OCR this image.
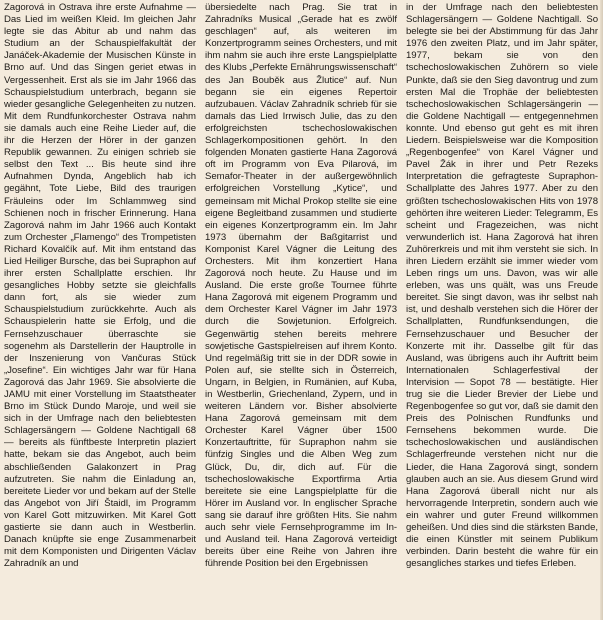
Zagorová in Ostrava ihre erste Aufnahme — Das Lied im weißen Kleid. Im gleichen Jahr legte sie das Abitur ab und nahm das Studium an der Schauspielfakultät der Janáček-Akademie der Musischen Künste in Brno auf. Und das Singen geriet etwas in Vergessenheit. Erst als sie im Jahr 1966 das Schauspielstudium unterbrach, begann sie wieder gesangliche Gelegenheiten zu nutzen. Mit dem Rundfunkorchester Ostrava nahm sie damals auch eine Reihe Lieder auf, die ihr die Herzen der Hörer in der ganzen Republik gewannen. Zu einigen schrieb sie selbst den Text ... Bis heute sind ihre Aufnahmen Dynda, Angeblich hab ich gegähnt, Tote Liebe, Bild des traurigen Fräuleins oder Im Schlammweg sind Schienen noch in frischer Erinnerung. Hana Zagorová nahm im Jahr 1966 auch Kontakt zum Orchester „Flamengo“ des Trompetisten Richard Kovalčík auf. Mit ihm entstand das Lied Heiliger Bursche, das bei Supraphon auf ihrer ersten Schallplatte erschien. Ihr gesangliches Hobby setzte sie gleichfalls dann fort, als sie wieder zum Schauspielstudium zurückkehrte. Auch als Schauspielerin hatte sie Erfolg, und die Fernsehzuschauer überraschte sie sogenehm als Darstellerin der Hauptrolle in der Inszenierung von Vančuras Stück „Josefine“. Ein wichtiges Jahr war für Hana Zagorová das Jahr 1969. Sie absolvierte die JAMU mit einer Vorstellung im Staatstheater Brno im Stück Dundo Maroje, und weil sie sich in der Umfrage nach den beliebtesten Schlagersängern — Goldene Nachtigall 68 — bereits als fünftbeste Interpretin plaziert hatte, bekam sie das Angebot, auch beim abschließenden Galakonzert in Prag aufzutreten. Sie nahm die Einladung an, bereitete Lieder vor und bekam auf der Stelle das Angebot von Jiří Štaidl, im Programm von Karel Gott mitzuwirken. Mit Karel Gott gastierte sie dann auch in Westberlin. Danach knüpfte sie enge Zusammenarbeit mit dem Komponisten und Dirigenten Václav Zahradník an und

übersiedelte nach Prag. Sie trat in Zahradníks Musical „Gerade hat es zwölf geschlagen“ auf, als weiteren im Konzertprogramm seines Orchesters, und mit ihm nahm sie auch ihre erste Langspielplatte des Klubs „Perfekte Ernährungswissenschaft“ des Jan Bouběk aus Žlutice“ auf. Nun begann sie ein eigenes Repertoir aufzubauen. Václav Zahradník schrieb für sie damals das Lied Irrwisch Julie, das zu den erfolgreichsten tschechoslowakischen Schlagerkompositionen gehört. In den folgenden Monaten gastierte Hana Zagorová oft im Programm von Eva Pilarová, im Semafor-Theater in der außergewöhnlich erfolgreichen Vorstellung „Kytice“, und gemeinsam mit Michal Prokop stellte sie eine eigene Begleitband zusammen und studierte ein eigenes Konzertprogramm ein. Im Jahr 1973 übernahm der Baßgitarrist und Komponist Karel Vágner die Leitung des Orchesters. Mit ihm konzertiert Hana Zagorová noch heute. Zu Hause und im Ausland. Die erste große Tournee führte Hana Zagorová mit eigenem Programm und dem Orchester Karel Vágner im Jahr 1973 durch die Sowjetunion. Erfolgreich. Gegenwärtig stehen bereits mehrere sowjetische Gastspielreisen auf ihrem Konto. Und regelmäßig tritt sie in der DDR sowie in Polen auf, sie stellte sich in Österreich, Ungarn, in Belgien, in Rumänien, auf Kuba, in Westberlin, Griechenland, Zypern, und in weiteren Ländern vor. Bisher absolvierte Hana Zagorová gemeinsam mit dem Orchester Karel Vágner über 1500 Konzertauftritte, für Supraphon nahm sie fünfzig Singles und die Alben Weg zum Glück, Du, dir, dich auf. Für die tschechoslowakische Exportfirma Artia bereitete sie eine Langspielplatte für die Hörer im Ausland vor. In englischer Sprache sang sie darauf ihre größten Hits. Sie nahm auch sehr viele Fernsehprogramme im In- und Ausland teil. Hana Zagorová verteidigt bereits über eine Reihe von Jahren ihre führende Position bei den Ergebnissen

in der Umfrage nach den beliebtesten Schlagersängern — Goldene Nachtigall. So belegte sie bei der Abstimmung für das Jahr 1976 den zweiten Platz, und im Jahr später, 1977, bekam sie von den tschechoslowakischen Zuhörern so viele Punkte, daß sie den Sieg davontrug und zum ersten Mal die Trophäe der beliebtesten tschechoslowakischen Schlagersängerin — die Goldene Nachtigall — entgegennehmen konnte. Und ebenso gut geht es mit ihren Liedern. Beispielsweise war die Komposition „Regenbogenfee“ von Karel Vágner und Pavel Žák in ihrer und Petr Rezeks Interpretation die gefragteste Supraphon-Schallplatte des Jahres 1977. Aber zu den größten tschechoslowakischen Hits von 1978 gehörten ihre weiteren Lieder: Telegramm, Es scheint und Fragezeichen, was nicht verwunderlich ist. Hana Zagorová hat ihren Zuhörerkreis und mit ihm versteht sie sich. In ihren Liedern erzählt sie immer wieder vom Leben rings um uns. Davon, was wir alle erleben, was uns quält, was uns Freude bereitet. Sie singt davon, was ihr selbst nah ist, und deshalb verstehen sich die Hörer der Schallplatten, Rundfunksendungen, die Fernsehzuschauer und Besucher der Konzerte mit ihr. Dasselbe gilt für das Ausland, was übrigens auch ihr Auftritt beim Internationalen Schlagerfestival der Intervision — Sopot 78 — bestätigte. Hier trug sie die Lieder Brevier der Liebe und Regenbogenfee so gut vor, daß sie damit den Preis des Polnischen Rundfunks und Fernsehens bekommen wurde. Die tschechoslowakischen und ausländischen Schlagerfreunde verstehen nicht nur die Lieder, die Hana Zagorová singt, sondern glauben auch an sie. Aus diesem Grund wird Hana Zagorová überall nicht nur als hervorragende Interpretin, sondern auch wie ein wahrer und guter Freund willkommen geheißen. Und dies sind die stärksten Bande, die einen Künstler mit seinem Publikum verbinden. Darin besteht die wahre für ein gesangliches starkes und tiefes Erleben.
